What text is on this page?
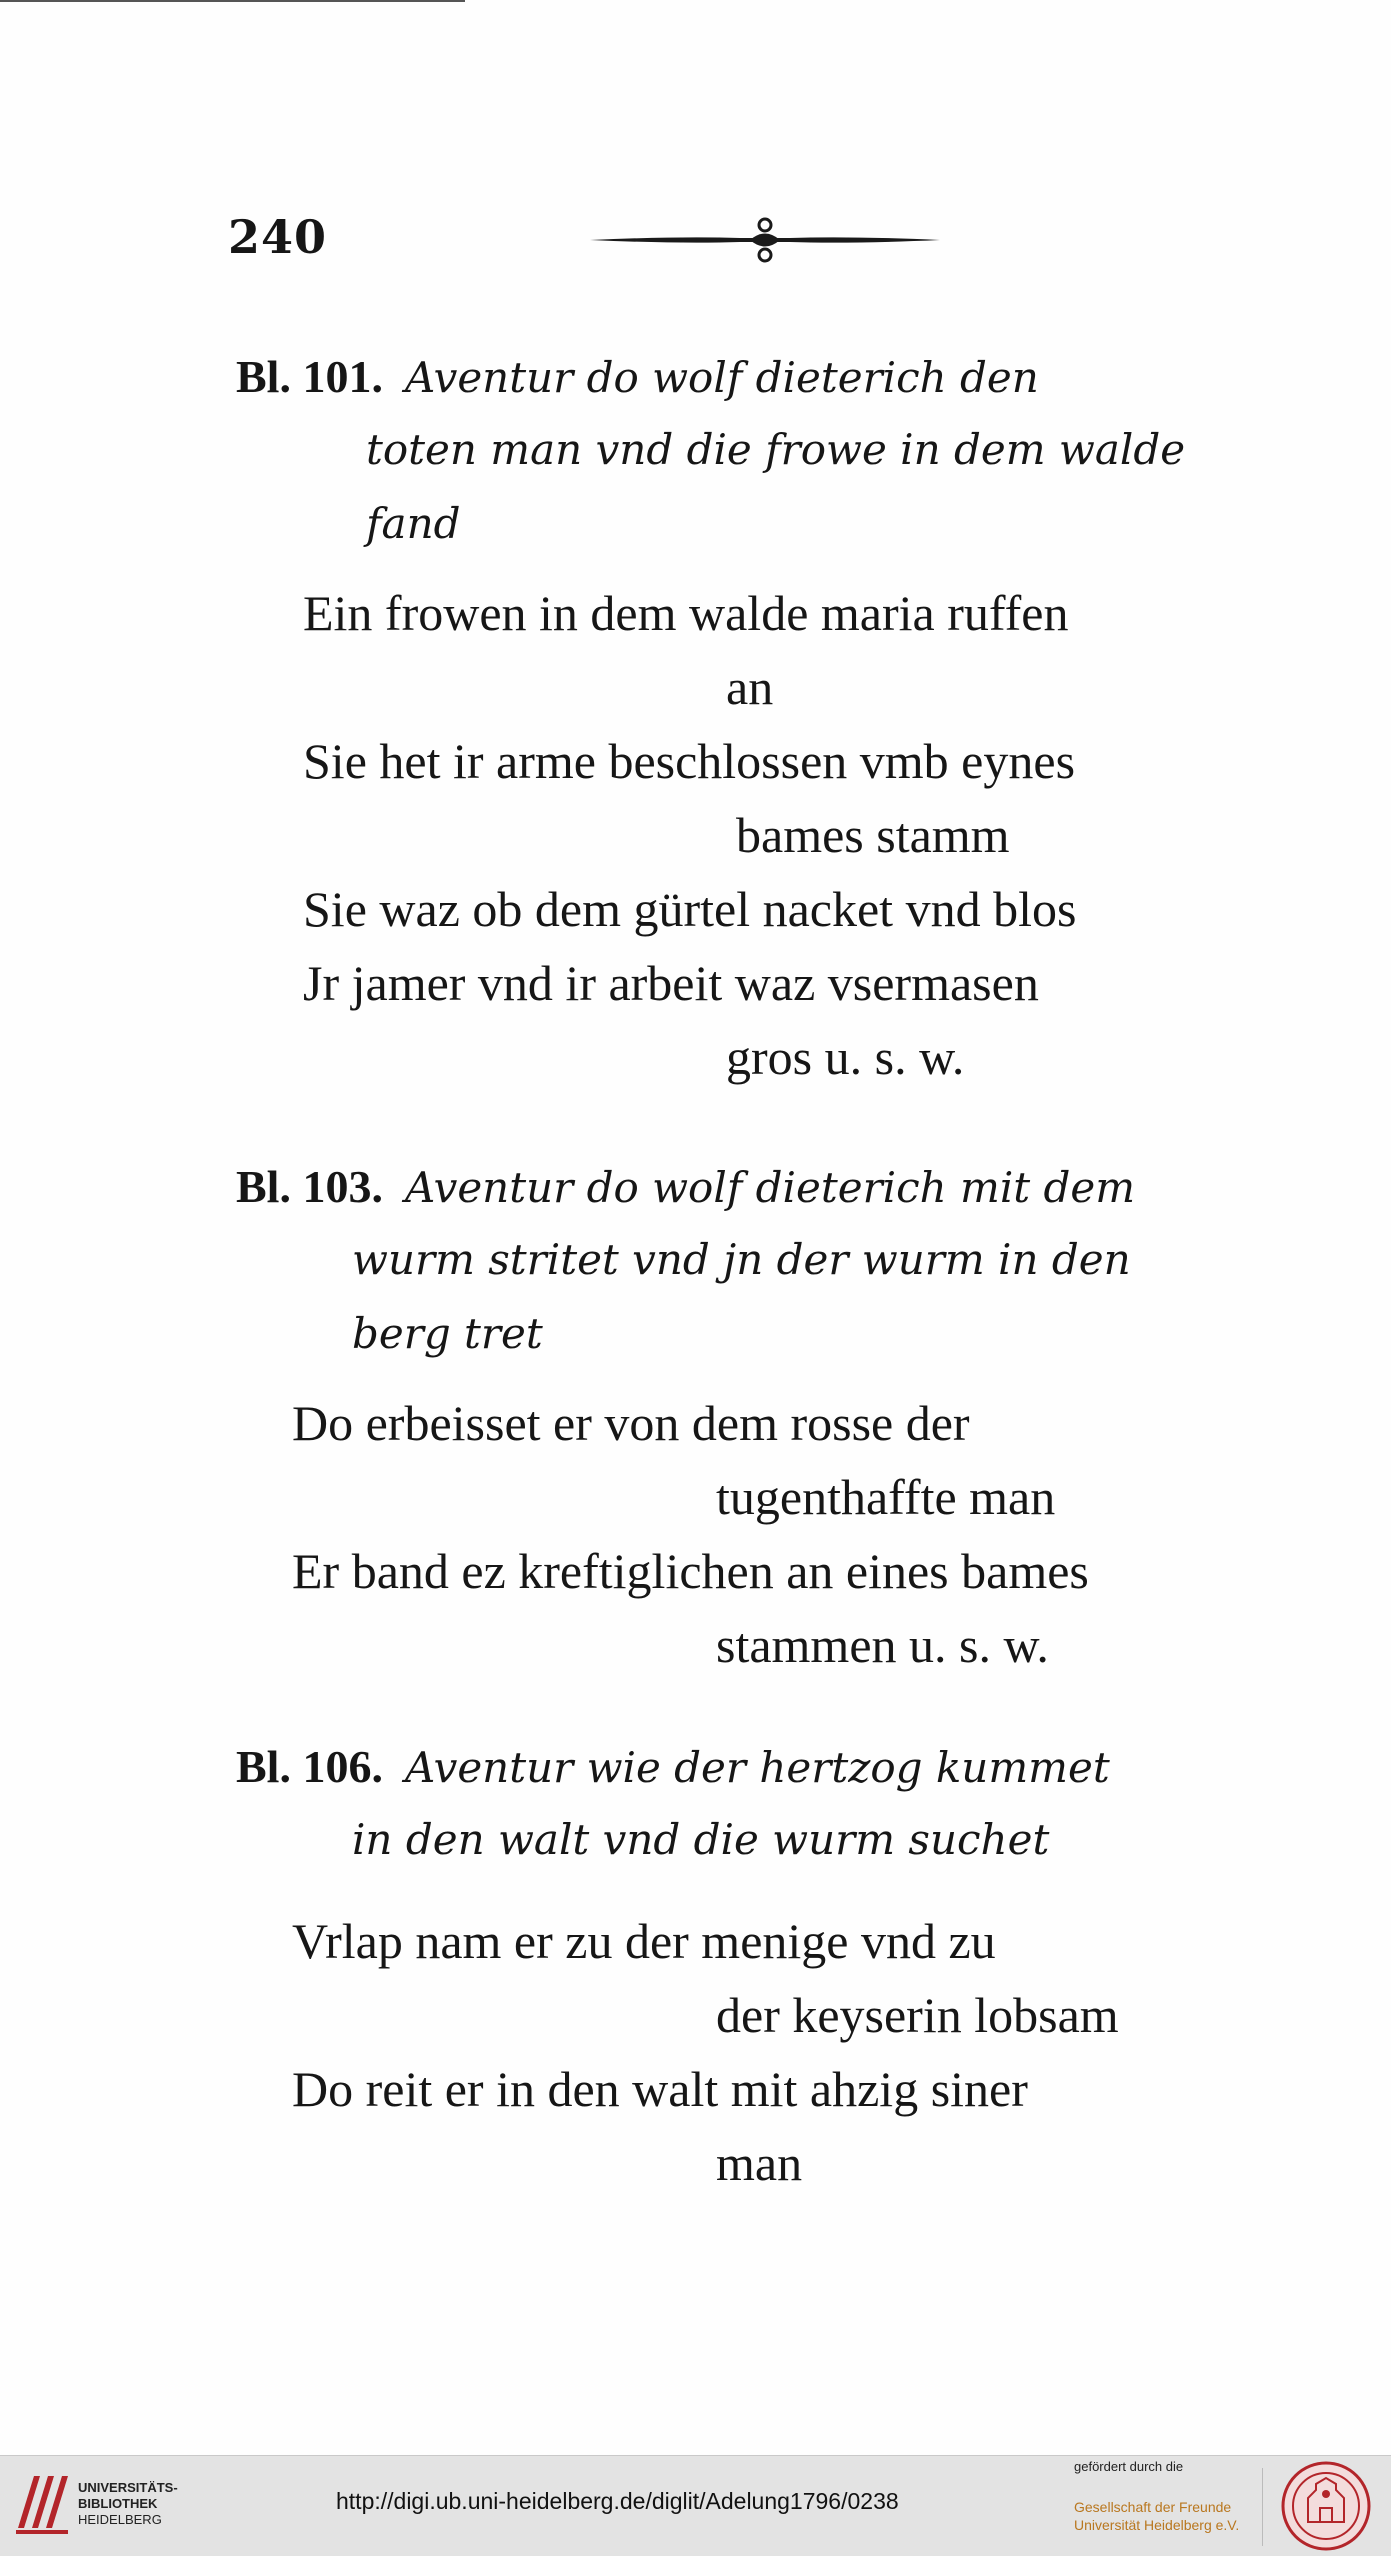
240
Bl. 101. Aventur do wolf dieterich den
toten man vnd die frowe in dem walde
fand
Ein frowen in dem walde maria ruffen
an
Sie het ir arme beschlossen vmb eynes
bames stamm
Sie waz ob dem gürtel nacket vnd blos
Jr jamer vnd ir arbeit waz vsermasen
gros u. s. w.
Bl. 103. Aventur do wolf dieterich mit dem
wurm stritet vnd jn der wurm in den
berg tret
Do erbeisset er von dem rosse der
tugenthaffte man
Er band ez kreftiglichen an eines bames
stammen u. s. w.
Bl. 106. Aventur wie der hertzog kummet
in den walt vnd die wurm suchet
Vrlap nam er zu der menige vnd zu
der keyserin lobsam
Do reit er in den walt mit ahzig siner
man
UNIVERSITÄTS-
BIBLIOTHEK
HEIDELBERG
http://digi.ub.uni-heidelberg.de/diglit/Adelung1796/0238
gefördert durch die
Gesellschaft der Freunde
Universität Heidelberg e.V.
